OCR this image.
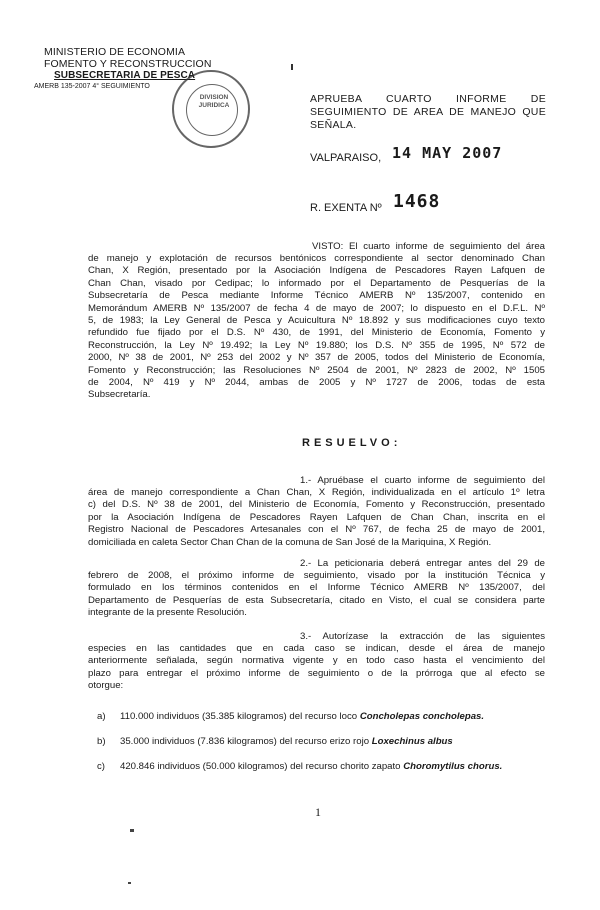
MINISTERIO DE ECONOMIA
FOMENTO Y RECONSTRUCCION
SUBSECRETARIA DE PESCA
AMERB 135-2007 4° SEGUIMIENTO
DIVISION JURIDICA
APRUEBA CUARTO INFORME DE
SEGUIMIENTO DE AREA DE MANEJO QUE
SEÑALA.
VALPARAISO, 14 MAY 2007
R. EXENTA Nº 1468
VISTO: El cuarto informe de seguimiento del área
de manejo y explotación de recursos bentónicos correspondiente al sector denominado Chan
Chan, X Región, presentado por la Asociación Indígena de Pescadores Rayen Lafquen de
Chan Chan, visado por Cedipac; lo informado por el Departamento de Pesquerías de la
Subsecretaría de Pesca mediante Informe Técnico AMERB Nº 135/2007, contenido en
Memorándum AMERB Nº 135/2007 de fecha 4 de mayo de 2007; lo dispuesto en el D.F.L. Nº
5, de 1983; la Ley General de Pesca y Acuicultura Nº 18.892 y sus modificaciones cuyo texto
refundido fue fijado por el D.S. Nº 430, de 1991, del Ministerio de Economía, Fomento y
Reconstrucción, la Ley Nº 19.492; la Ley Nº 19.880; los D.S. Nº 355 de 1995, Nº 572 de
2000, Nº 38 de 2001, Nº 253 del 2002 y Nº 357 de 2005, todos del Ministerio de Economía,
Fomento y Reconstrucción; las Resoluciones Nº 2504 de 2001, Nº 2823 de 2002, Nº 1505
de 2004, Nº 419 y Nº 2044, ambas de 2005 y Nº 1727 de 2006, todas de esta
Subsecretaría.
RESUELVO:
1.- Apruébase el cuarto informe de seguimiento del
área de manejo correspondiente a Chan Chan, X Región, individualizada en el artículo 1º letra
c) del D.S. Nº 38 de 2001, del Ministerio de Economía, Fomento y Reconstrucción, presentado
por la Asociación Indígena de Pescadores Rayen Lafquen de Chan Chan, inscrita en el
Registro Nacional de Pescadores Artesanales con el Nº 767, de fecha 25 de mayo de 2001,
domiciliada en caleta Sector Chan Chan de la comuna de San José de la Mariquina, X Región.
2.- La peticionaria deberá entregar antes del 29 de
febrero de 2008, el próximo informe de seguimiento, visado por la institución Técnica y
formulado en los términos contenidos en el Informe Técnico AMERB Nº 135/2007, del
Departamento de Pesquerías de esta Subsecretaría, citado en Visto, el cual se considera parte
integrante de la presente Resolución.
3.- Autorízase la extracción de las siguientes
especies en las cantidades que en cada caso se indican, desde el área de manejo
anteriormente señalada, según normativa vigente y en todo caso hasta el vencimiento del
plazo para entregar el próximo informe de seguimiento o de la prórroga que al efecto se
otorgue:
a) 110.000 individuos (35.385 kilogramos) del recurso loco Concholepas concholepas.
b) 35.000 individuos (7.836 kilogramos) del recurso erizo rojo Loxechinus albus
c) 420.846 individuos (50.000 kilogramos) del recurso chorito zapato Choromytilus chorus.
1
